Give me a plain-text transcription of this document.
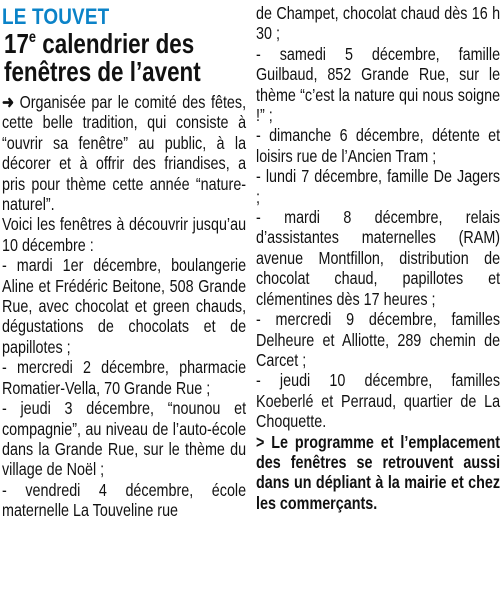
LE TOUVET
17e calendrier des
fenêtres de l’avent

➜ Organisée par le comité des fêtes, cette belle tradition, qui consiste à “ouvrir sa fenêtre” au public, à la décorer et à offrir des friandises, a pris pour thème cette année “nature-naturel”.

Voici les fenêtres à découvrir jusqu’au 10 décembre :

- mardi 1er décembre, boulangerie Aline et Frédéric Beitone, 508 Grande Rue, avec chocolat et green chauds, dégustations de chocolats et de papillotes ;

- mercredi 2 décembre, pharmacie Romatier-Vella, 70 Grande Rue ;

- jeudi 3 décembre, “nounou et compagnie”, au niveau de l’auto-école dans la Grande Rue, sur le thème du village de Noël ;

- vendredi 4 décembre, école maternelle La Touveline rue

de Champet, chocolat chaud dès 16 h 30 ;

- samedi 5 décembre, famille Guilbaud, 852 Grande Rue, sur le thème “c’est la nature qui nous soigne !” ;

- dimanche 6 décembre, détente et loisirs rue de l’Ancien Tram ;

- lundi 7 décembre, famille De Jagers ;

- mardi 8 décembre, relais d’assistantes maternelles (RAM) avenue Montfillon, distribution de chocolat chaud, papillotes et clémentines dès 17 heures ;

- mercredi 9 décembre, familles Delheure et Alliotte, 289 chemin de Carcet ;

- jeudi 10 décembre, familles Koeberlé et Perraud, quartier de La Choquette.

> Le programme et l’emplacement des fenêtres se retrouvent aussi dans un dépliant à la mairie et chez les commerçants.
